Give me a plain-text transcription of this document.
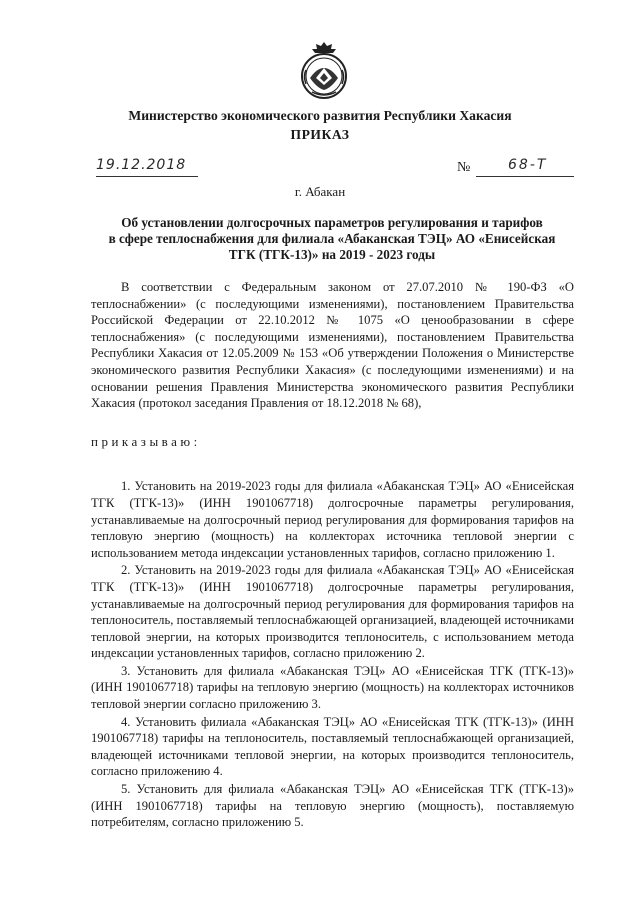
Министерство экономического развития Республики Хакасия
ПРИКАЗ
19.12.2018	№	68-Т
г. Абакан
Об установлении долгосрочных параметров регулирования и тарифов
в сфере теплоснабжения для филиала «Абаканская ТЭЦ» АО «Енисейская
ТГК (ТГК-13)» на 2019 - 2023 годы

В соответствии с Федеральным законом от 27.07.2010 № 190-ФЗ «О теплоснабжении» (с последующими изменениями), постановлением Правительства Российской Федерации от 22.10.2012 № 1075 «О ценообразовании в сфере теплоснабжения» (с последующими изменениями), постановлением Правительства Республики Хакасия от 12.05.2009 № 153 «Об утверждении Положения о Министерстве экономического развития Республики Хакасия» (с последующими изменениями) и на основании решения Правления Министерства экономического развития Республики Хакасия (протокол заседания Правления от 18.12.2018 № 68),

приказываю:

1. Установить на 2019-2023 годы для филиала «Абаканская ТЭЦ» АО «Енисейская ТГК (ТГК-13)» (ИНН 1901067718) долгосрочные параметры регулирования, устанавливаемые на долгосрочный период регулирования для формирования тарифов на тепловую энергию (мощность) на коллекторах источника тепловой энергии с использованием метода индексации установленных тарифов, согласно приложению 1.

2. Установить на 2019-2023 годы для филиала «Абаканская ТЭЦ» АО «Енисейская ТГК (ТГК-13)» (ИНН 1901067718) долгосрочные параметры регулирования, устанавливаемые на долгосрочный период регулирования для формирования тарифов на теплоноситель, поставляемый теплоснабжающей организацией, владеющей источниками тепловой энергии, на которых производится теплоноситель, с использованием метода индексации установленных тарифов, согласно приложению 2.

3. Установить для филиала «Абаканская ТЭЦ» АО «Енисейская ТГК (ТГК-13)» (ИНН 1901067718) тарифы на тепловую энергию (мощность) на коллекторах источников тепловой энергии согласно приложению 3.

4. Установить филиала «Абаканская ТЭЦ» АО «Енисейская ТГК (ТГК-13)» (ИНН 1901067718) тарифы на теплоноситель, поставляемый теплоснабжающей организацией, владеющей источниками тепловой энергии, на которых производится теплоноситель, согласно приложению 4.

5. Установить для филиала «Абаканская ТЭЦ» АО «Енисейская ТГК (ТГК-13)» (ИНН 1901067718) тарифы на тепловую энергию (мощность), поставляемую потребителям, согласно приложению 5.
